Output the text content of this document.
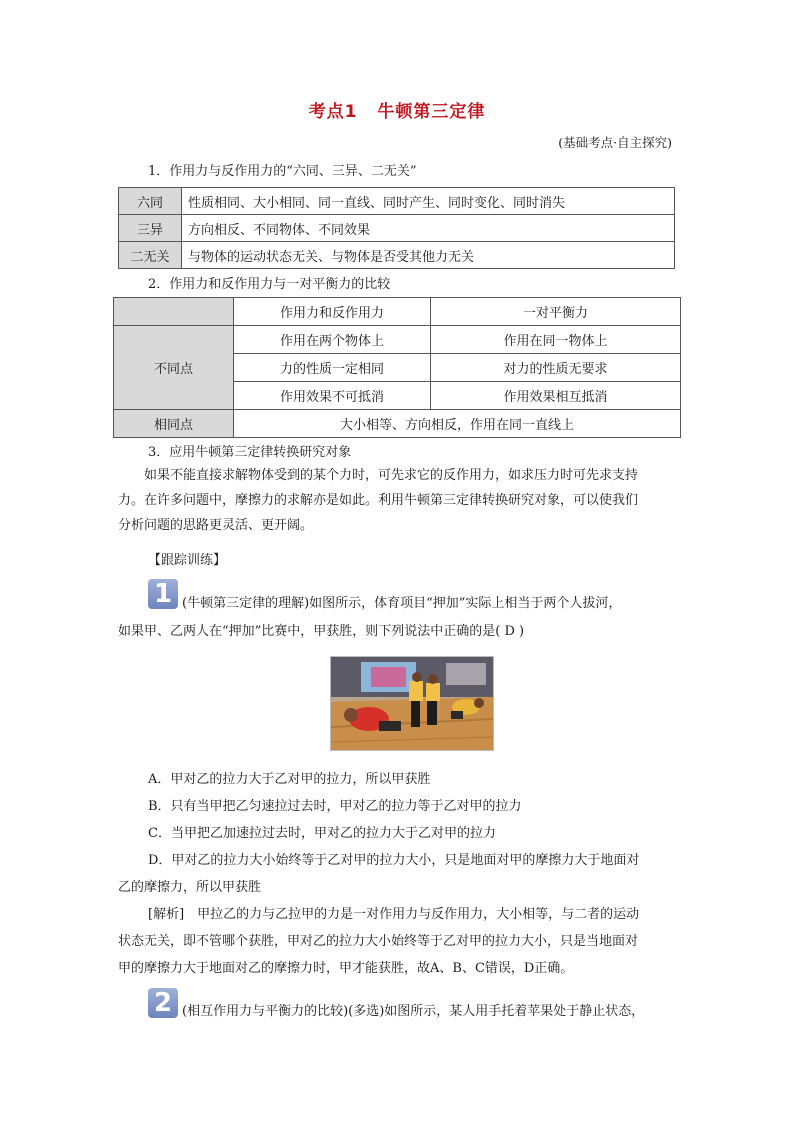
考点1 牛顿第三定律
(基础考点·自主探究)
1．作用力与反作用力的“六同、三异、二无关”
六同	性质相同、大小相同、同一直线、同时产生、同时变化、同时消失
三异	方向相反、不同物体、不同效果
二无关	与物体的运动状态无关、与物体是否受其他力无关
2．作用力和反作用力与一对平衡力的比较
	作用力和反作用力	一对平衡力
不同点	作用在两个物体上	作用在同一物体上
	力的性质一定相同	对力的性质无要求
	作用效果不可抵消	作用效果相互抵消
相同点	大小相等、方向相反，作用在同一直线上	
3．应用牛顿第三定律转换研究对象
如果不能直接求解物体受到的某个力时，可先求它的反作用力，如求压力时可先求支持
力。在许多问题中，摩擦力的求解亦是如此。利用牛顿第三定律转换研究对象，可以使我们
分析问题的思路更灵活、更开阔。
【跟踪训练】
1 (牛顿第三定律的理解)如图所示，体育项目“押加”实际上相当于两个人拔河，
如果甲、乙两人在“押加”比赛中，甲获胜，则下列说法中正确的是( D )
A．甲对乙的拉力大于乙对甲的拉力，所以甲获胜
B．只有当甲把乙匀速拉过去时，甲对乙的拉力等于乙对甲的拉力
C．当甲把乙加速拉过去时，甲对乙的拉力大于乙对甲的拉力
D．甲对乙的拉力大小始终等于乙对甲的拉力大小，只是地面对甲的摩擦力大于地面对
乙的摩擦力，所以甲获胜
[解析]　甲拉乙的力与乙拉甲的力是一对作用力与反作用力，大小相等，与二者的运动
状态无关，即不管哪个获胜，甲对乙的拉力大小始终等于乙对甲的拉力大小，只是当地面对
甲的摩擦力大于地面对乙的摩擦力时，甲才能获胜，故A、B、C错误，D正确。
2 (相互作用力与平衡力的比较)(多选)如图所示，某人用手托着苹果处于静止状态，
